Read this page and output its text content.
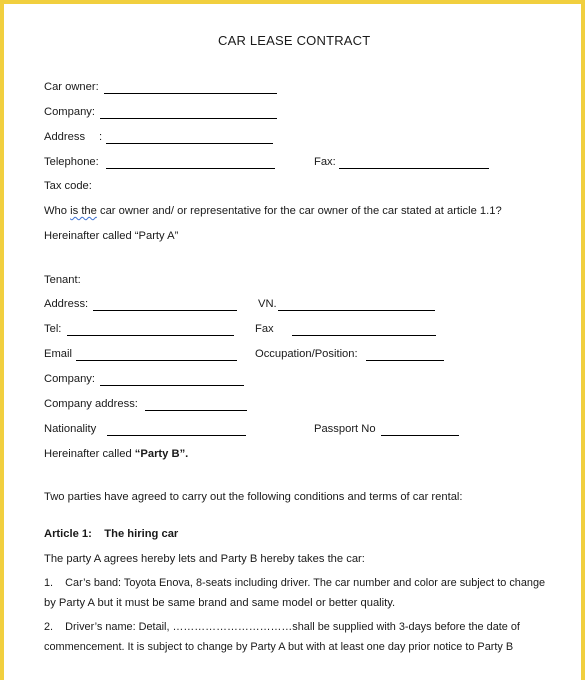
CAR LEASE CONTRACT
Car owner:
Company:
Address :
Telephone:	Fax:
Tax code:
Who is the car owner and/ or representative for the car owner of the car stated at article 1.1?
Hereinafter called “Party A”
Tenant:
Address:	VN.
Tel:	Fax
Email	Occupation/Position:
Company:
Company address:
Nationality	Passport No
Hereinafter called “Party B”.
Two parties have agreed to carry out the following conditions and terms of car rental:
Article 1:    The hiring car
The party A agrees hereby lets and Party B hereby takes the car:
1.    Car’s band: Toyota Enova, 8-seats including driver. The car number and color are subject to change
by Party A but it must be same brand and same model or better quality.
2.    Driver’s name: Detail, ……………………………shall be supplied with 3-days before the date of
commencement. It is subject to change by Party A but with at least one day prior notice to Party B
